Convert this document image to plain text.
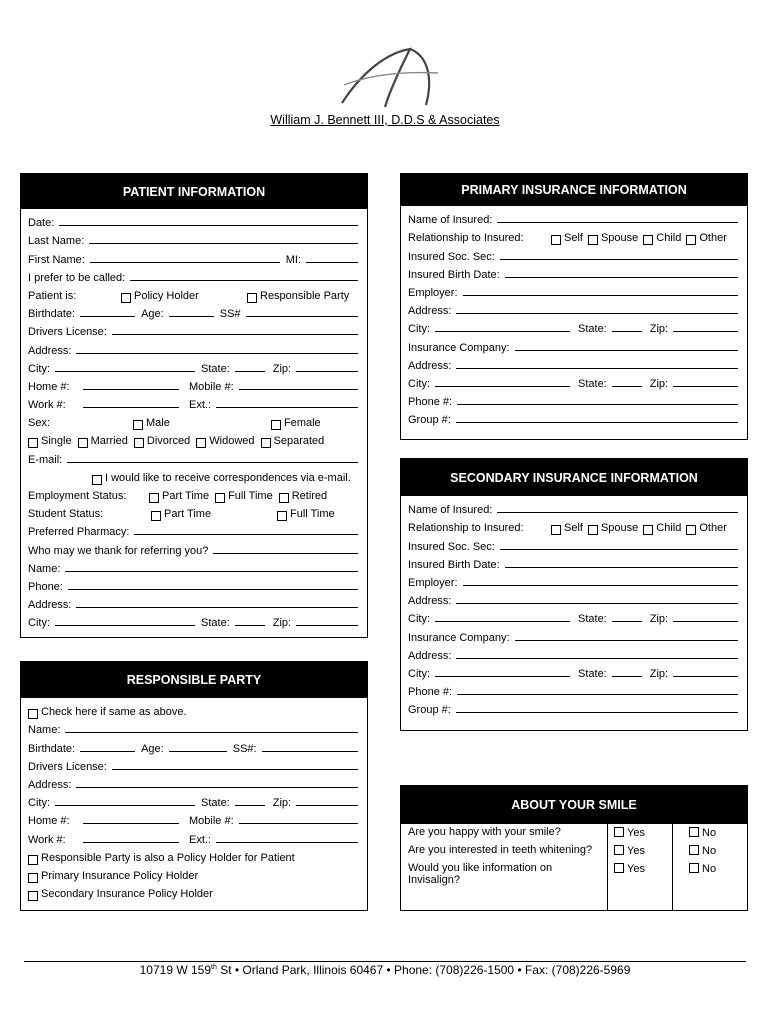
William J. Bennett III, D.D.S & Associates
PATIENT INFORMATION
Date:
Last Name:
First Name:	MI:
I prefer to be called:
Patient is:	Policy Holder	Responsible Party
Birthdate:	Age:	SS#
Drivers License:
Address:
City:	State:	Zip:
Home #:	Mobile #:
Work #:	Ext.:
Sex:	Male	Female
Single Married Divorced Widowed Separated
E-mail:
I would like to receive correspondences via e-mail.
Employment Status:	Part Time Full Time Retired
Student Status:	Part Time	Full Time
Preferred Pharmacy:
Who may we thank for referring you?
Name:
Phone:
Address:
City:	State:	Zip:
RESPONSIBLE PARTY
Check here if same as above.
Name:
Birthdate:	Age:	SS#:
Drivers License:
Address:
City:	State:	Zip:
Home #:	Mobile #:
Work #:	Ext.:
Responsible Party is also a Policy Holder for Patient
Primary Insurance Policy Holder
Secondary Insurance Policy Holder
PRIMARY INSURANCE INFORMATION
Name of Insured:
Relationship to Insured:	Self Spouse Child Other
Insured Soc. Sec:
Insured Birth Date:
Employer:
Address:
City:	State:	Zip:
Insurance Company:
Address:
City:	State:	Zip:
Phone #:
Group #:
SECONDARY INSURANCE INFORMATION
Name of Insured:
Relationship to Insured:	Self Spouse Child Other
Insured Soc. Sec:
Insured Birth Date:
Employer:
Address:
City:	State:	Zip:
Insurance Company:
Address:
City:	State:	Zip:
Phone #:
Group #:
ABOUT YOUR SMILE
Are you happy with your smile?	Yes	No
Are you interested in teeth whitening?	Yes	No

Would you like information on
Invisalign?	Yes	No
10719 W 159th St • Orland Park, Illinois 60467 • Phone: (708)226-1500 • Fax: (708)226-5969
